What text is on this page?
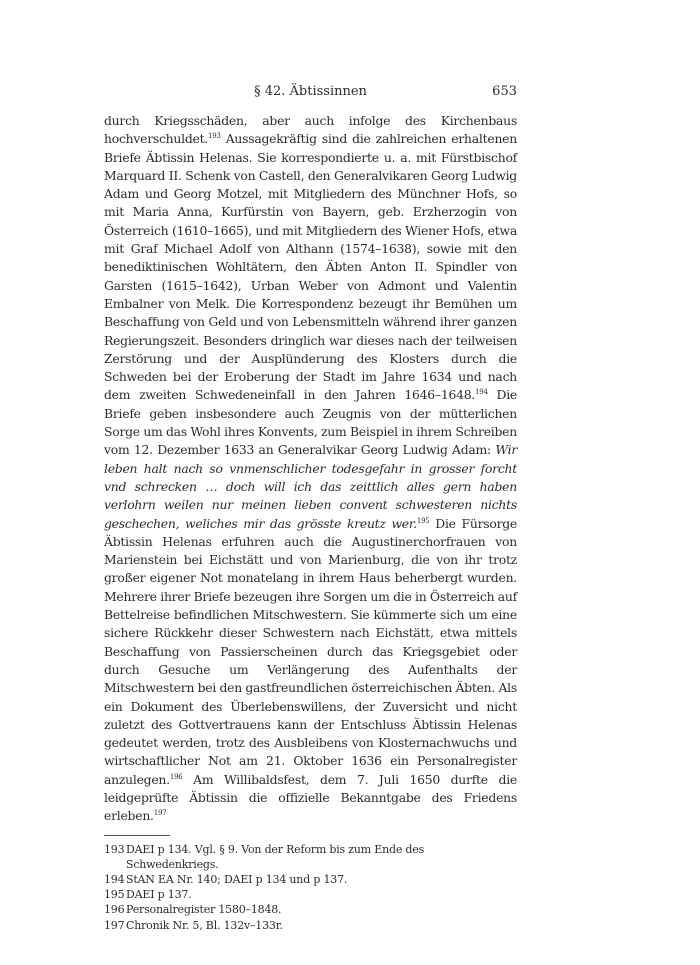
§ 42. Äbtissinnen	653

durch Kriegsschäden, aber auch infolge des Kirchenbaus hochverschuldet.$^{193}$ Aussagekräftig sind die zahlreichen erhaltenen Briefe Äbtissin Helenas. Sie korrespondierte u. a. mit Fürstbischof Marquard II. Schenk von Castell, den Generalvikaren Georg Ludwig Adam und Georg Motzel, mit Mitgliedern des Münchner Hofs, so mit Maria Anna, Kurfürstin von Bayern, geb. Erzherzogin von Österreich (1610–1665), und mit Mitgliedern des Wiener Hofs, etwa mit Graf Michael Adolf von Althann (1574–1638), sowie mit den benediktinischen Wohltätern, den Äbten Anton II. Spindler von Garsten (1615–1642), Urban Weber von Admont und Valentin Embalner von Melk. Die Korrespondenz bezeugt ihr Bemühen um Beschaffung von Geld und von Lebensmitteln während ihrer ganzen Regierungszeit. Besonders dringlich war dieses nach der teilweisen Zerstörung und der Ausplünderung des Klosters durch die Schweden bei der Eroberung der Stadt im Jahre 1634 und nach dem zweiten Schwedeneinfall in den Jahren 1646–1648.$^{194}$ Die Briefe geben insbesondere auch Zeugnis von der mütterlichen Sorge um das Wohl ihres Konvents, zum Beispiel in ihrem Schreiben vom 12. Dezember 1633 an Generalvikar Georg Ludwig Adam: Wir leben halt nach so vnmenschlicher todesgefahr in grosser forcht vnd schrecken … doch will ich das zeittlich alles gern haben verlohrn weilen nur meinen lieben convent schwesteren nichts geschechen, weliches mir das grösste kreutz wer.$^{195}$ Die Fürsorge Äbtissin Helenas erfuhren auch die Augustinerchorfrauen von Marienstein bei Eichstätt und von Marienburg, die von ihr trotz großer eigener Not monatelang in ihrem Haus beherbergt wurden. Mehrere ihrer Briefe bezeugen ihre Sorgen um die in Österreich auf Bettelreise befindlichen Mitschwestern. Sie kümmerte sich um eine sichere Rückkehr dieser Schwestern nach Eichstätt, etwa mittels Beschaffung von Passierscheinen durch das Kriegsgebiet oder durch Gesuche um Verlängerung des Aufenthalts der Mitschwestern bei den gastfreundlichen österreichischen Äbten. Als ein Dokument des Überlebenswillens, der Zuversicht und nicht zuletzt des Gottvertrauens kann der Entschluss Äbtissin Helenas gedeutet werden, trotz des Ausbleibens von Klosternachwuchs und wirtschaftlicher Not am 21. Oktober 1636 ein Personalregister anzulegen.$^{196}$ Am Willibaldsfest, dem 7. Juli 1650 durfte die leidgeprüfte Äbtissin die offizielle Bekanntgabe des Friedens erleben.$^{197}$

193 DAEI p 134. Vgl. § 9. Von der Reform bis zum Ende des Schwedenkriegs.
194 StAN EA Nr. 140; DAEI p 134 und p 137.
195 DAEI p 137.
196 Personalregister 1580–1848.
197 Chronik Nr. 5, Bl. 132v–133r.
